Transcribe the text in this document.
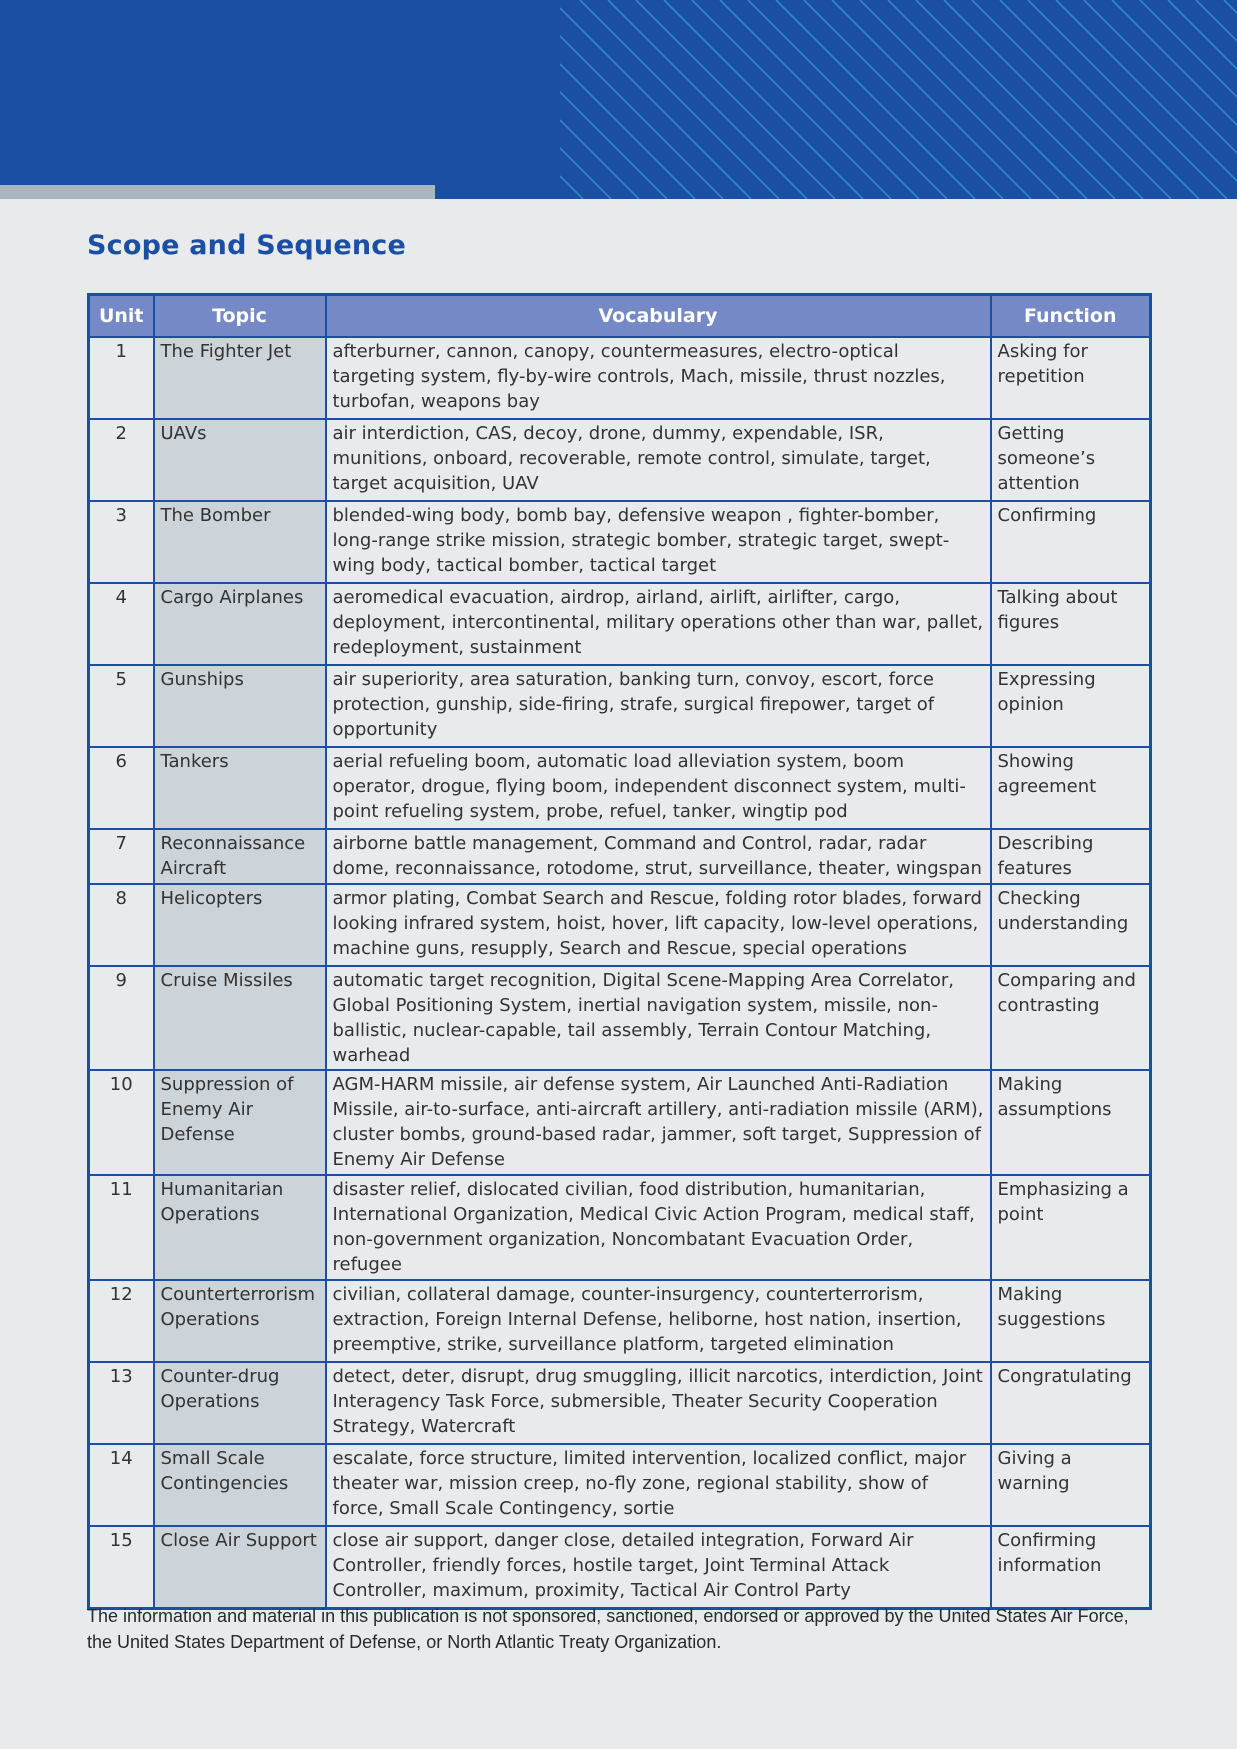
Scope and Sequence
Unit	Topic	Vocabulary	Function
1	The Fighter Jet	afterburner, cannon, canopy, countermeasures, electro-optical targeting system, fly-by-wire controls, Mach, missile, thrust nozzles, turbofan, weapons bay	Asking for repetition
2	UAVs	air interdiction, CAS, decoy, drone, dummy, expendable, ISR, munitions, onboard, recoverable, remote control, simulate, target, target acquisition, UAV	Getting someone’s attention
3	The Bomber	blended-wing body, bomb bay, defensive weapon , fighter-bomber, long-range strike mission, strategic bomber, strategic target, swept-wing body, tactical bomber, tactical target	Confirming
4	Cargo Airplanes	aeromedical evacuation, airdrop, airland, airlift, airlifter, cargo, deployment, intercontinental, military operations other than war, pallet, redeployment, sustainment	Talking about figures
5	Gunships	air superiority, area saturation, banking turn, convoy, escort, force protection, gunship, side-firing, strafe, surgical firepower, target of opportunity	Expressing opinion
6	Tankers	aerial refueling boom, automatic load alleviation system, boom operator, drogue, flying boom, independent disconnect system, multi-point refueling system, probe, refuel, tanker, wingtip pod	Showing agreement
7	Reconnaissance Aircraft	airborne battle management, Command and Control, radar, radar dome, reconnaissance, rotodome, strut, surveillance, theater, wingspan	Describing features
8	Helicopters	armor plating, Combat Search and Rescue, folding rotor blades, forward looking infrared system, hoist, hover, lift capacity, low-level operations, machine guns, resupply, Search and Rescue, special operations	Checking understanding
9	Cruise Missiles	automatic target recognition, Digital Scene-Mapping Area Correlator, Global Positioning System, inertial navigation system, missile, non-ballistic, nuclear-capable, tail assembly, Terrain Contour Matching, warhead	Comparing and contrasting
10	Suppression of Enemy Air Defense	AGM-HARM missile, air defense system, Air Launched Anti-Radiation Missile, air-to-surface, anti-aircraft artillery, anti-radiation missile (ARM), cluster bombs, ground-based radar, jammer, soft target, Suppression of Enemy Air Defense	Making assumptions
11	Humanitarian Operations	disaster relief, dislocated civilian, food distribution, humanitarian, International Organization, Medical Civic Action Program, medical staff, non-government organization, Noncombatant Evacuation Order, refugee	Emphasizing a point
12	Counterterrorism Operations	civilian, collateral damage, counter-insurgency, counterterrorism, extraction, Foreign Internal Defense, heliborne, host nation, insertion, preemptive, strike, surveillance platform, targeted elimination	Making suggestions
13	Counter-drug Operations	detect, deter, disrupt, drug smuggling, illicit narcotics, interdiction, Joint Interagency Task Force, submersible, Theater Security Cooperation Strategy, Watercraft	Congratulating
14	Small Scale Contingencies	escalate, force structure, limited intervention, localized conflict, major theater war, mission creep, no-fly zone, regional stability, show of force, Small Scale Contingency, sortie	Giving a warning
15	Close Air Support	close air support, danger close, detailed integration, Forward Air Controller, friendly forces, hostile target, Joint Terminal Attack Controller, maximum, proximity, Tactical Air Control Party	Confirming information

The information and material in this publication is not sponsored, sanctioned, endorsed or approved by the United States Air Force, the United States Department of Defense, or North Atlantic Treaty Organization.
